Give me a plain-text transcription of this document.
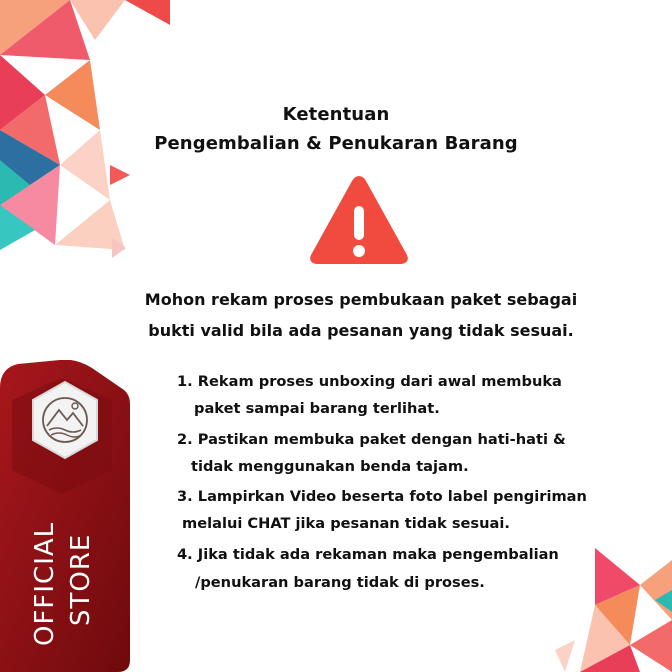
Ketentuan
Pengembalian & Penukaran Barang
Mohon rekam proses pembukaan paket sebagai
bukti valid bila ada pesanan yang tidak sesuai.
1. Rekam proses unboxing dari awal membuka
paket sampai barang terlihat.
2. Pastikan membuka paket dengan hati-hati &
tidak menggunakan benda tajam.
3. Lampirkan Video beserta foto label pengiriman
melalui CHAT jika pesanan tidak sesuai.
4. Jika tidak ada rekaman maka pengembalian
/penukaran barang tidak di proses.
OFFICIAL STORE
